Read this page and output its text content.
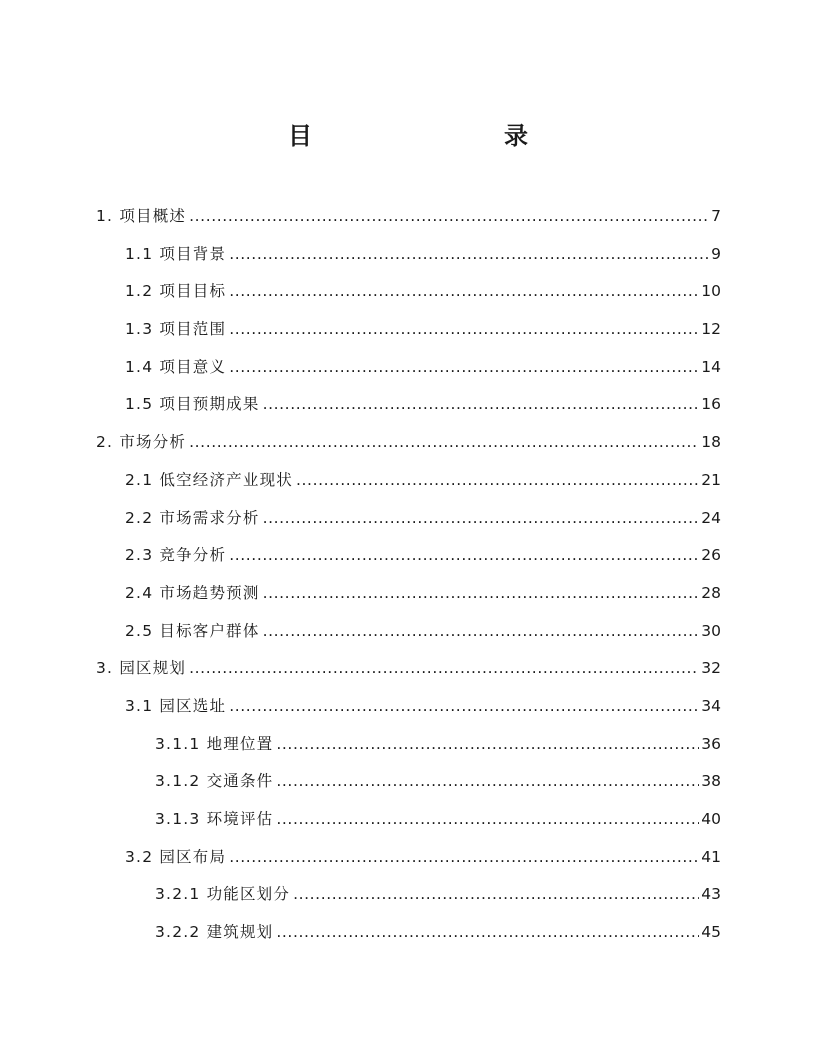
目　　录
1. 项目概述 .....	7
1.1 项目背景 .....	9
1.2 项目目标 .....	10
1.3 项目范围 .....	12
1.4 项目意义 .....	14
1.5 项目预期成果 .....	16
2. 市场分析 .....	18
2.1 低空经济产业现状 .....	21
2.2 市场需求分析 .....	24
2.3 竞争分析 .....	26
2.4 市场趋势预测 .....	28
2.5 目标客户群体 .....	30
3. 园区规划 .....	32
3.1 园区选址 .....	34
3.1.1 地理位置 .....	36
3.1.2 交通条件 .....	38
3.1.3 环境评估 .....	40
3.2 园区布局 .....	41
3.2.1 功能区划分 .....	43
3.2.2 建筑规划 .....	45
